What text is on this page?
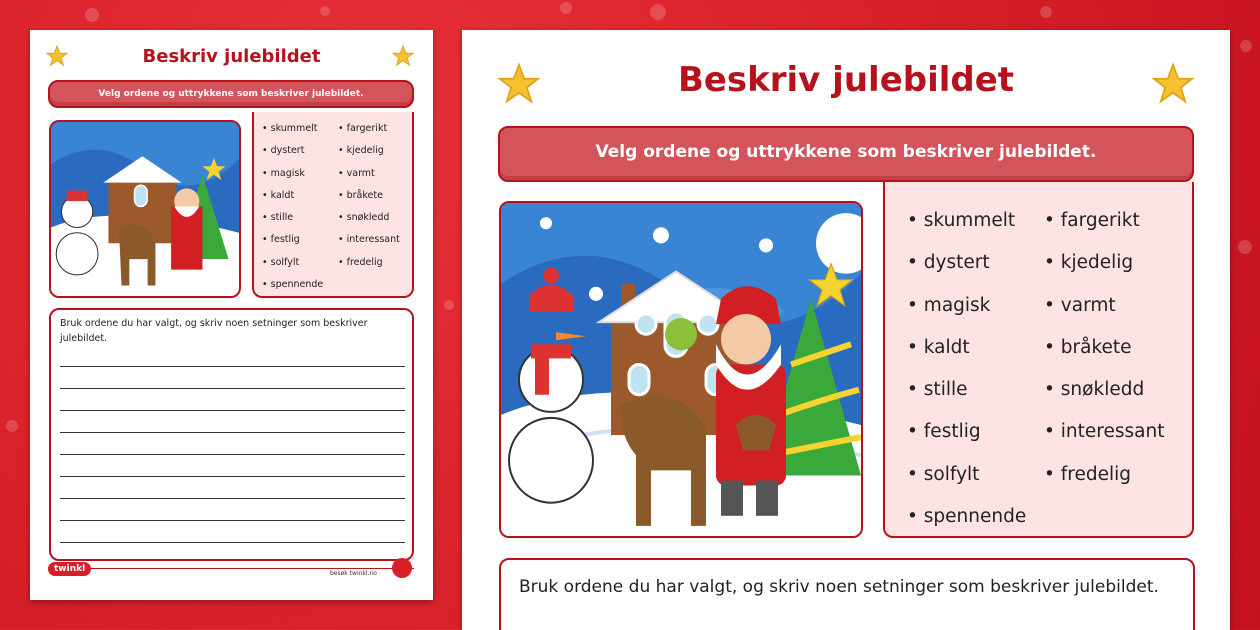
Beskriv julebildet
Velg ordene og uttrykkene som beskriver julebildet.
• skummelt
• dystert
• magisk
• kaldt
• stille
• festlig
• solfylt
• spennende
• fargerikt
• kjedelig
• varmt
• bråkete
• snøkledd
• interessant
• fredelig
Bruk ordene du har valgt, og skriv noen setninger som beskriver julebildet.
twinkl	besøk twinkl.no
Beskriv julebildet
Velg ordene og uttrykkene som beskriver julebildet.
• skummelt
• dystert
• magisk
• kaldt
• stille
• festlig
• solfylt
• spennende
• fargerikt
• kjedelig
• varmt
• bråkete
• snøkledd
• interessant
• fredelig
Bruk ordene du har valgt, og skriv noen setninger som beskriver julebildet.
